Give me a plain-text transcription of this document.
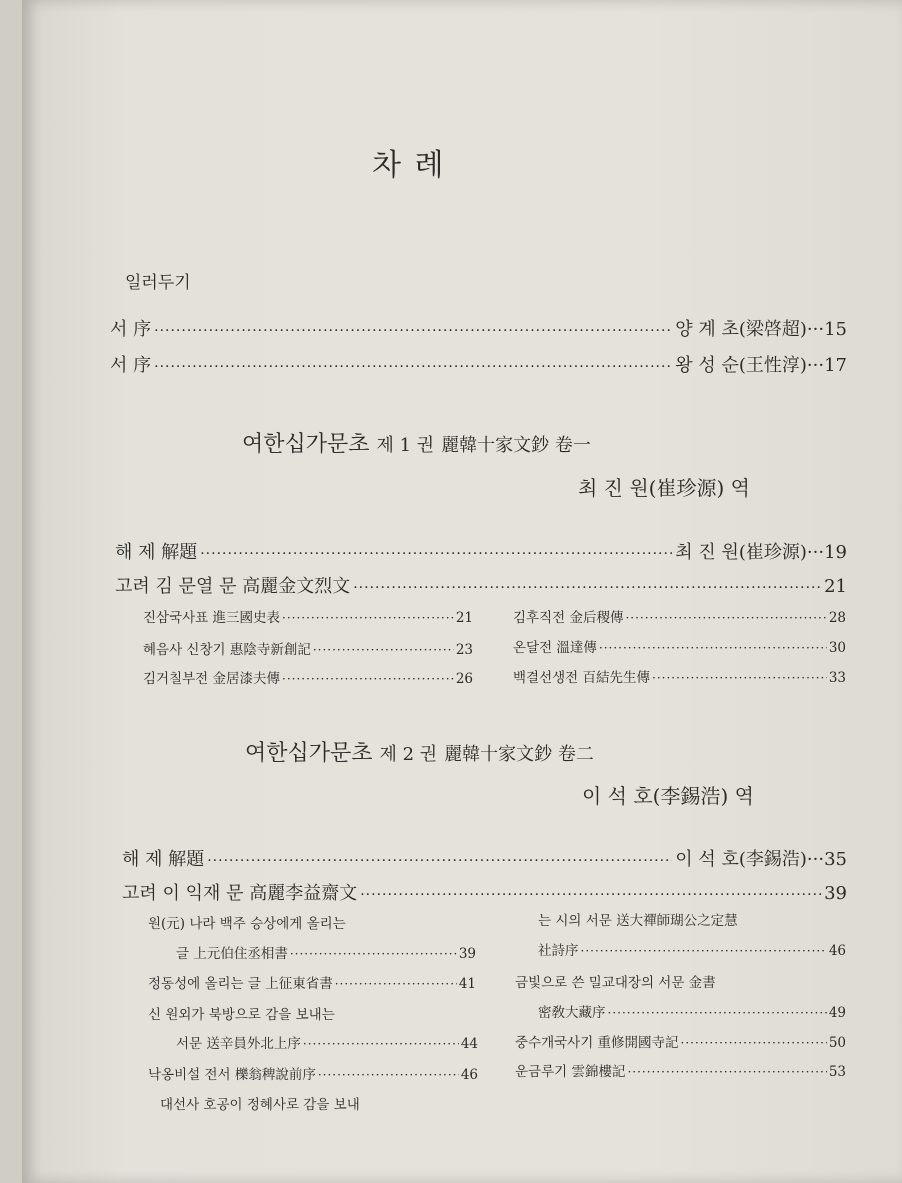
차 례
일러두기
서 序 ·····	양 계 초(梁啓超) ··· 15
서 序 ·····	왕 성 순(王性淳) ··· 17
여한십가문초 제 1 권 麗韓十家文鈔 卷一
최 진 원(崔珍源) 역
해 제 解題 ·····	최 진 원(崔珍源) ··· 19
고려 김 문열 문 高麗金文烈文 ·····	21
진삼국사표 進三國史表 ·····	21
혜음사 신창기 惠陰寺新創記 ·····	23
김거칠부전 金居漆夫傳 ·····	26
김후직전 金后稷傳 ·····	28
온달전 溫達傳 ·····	30
백결선생전 百結先生傳 ·····	33
여한십가문초 제 2 권 麗韓十家文鈔 卷二
이 석 호(李錫浩) 역
해 제 解題 ·····	이 석 호(李錫浩) ··· 35
고려 이 익재 문 高麗李益齋文 ·····	39
원(元) 나라 백주 승상에게 올리는
글 上元伯住丞相書 ·····	39
정동성에 올리는 글 上征東省書 ·····	41
신 원외가 북방으로 감을 보내는
서문 送辛員外北上序 ·····	44
낙옹비설 전서 櫟翁稗說前序 ·····	46
대선사 호공이 정혜사로 감을 보내
는 시의 서문 送大禪師瑚公之定慧
社詩序 ·····	46
금빛으로 쓴 밀교대장의 서문 金書
密敎大藏序 ·····	49
중수개국사기 重修開國寺記 ·····	50
운금루기 雲錦樓記 ·····	53
